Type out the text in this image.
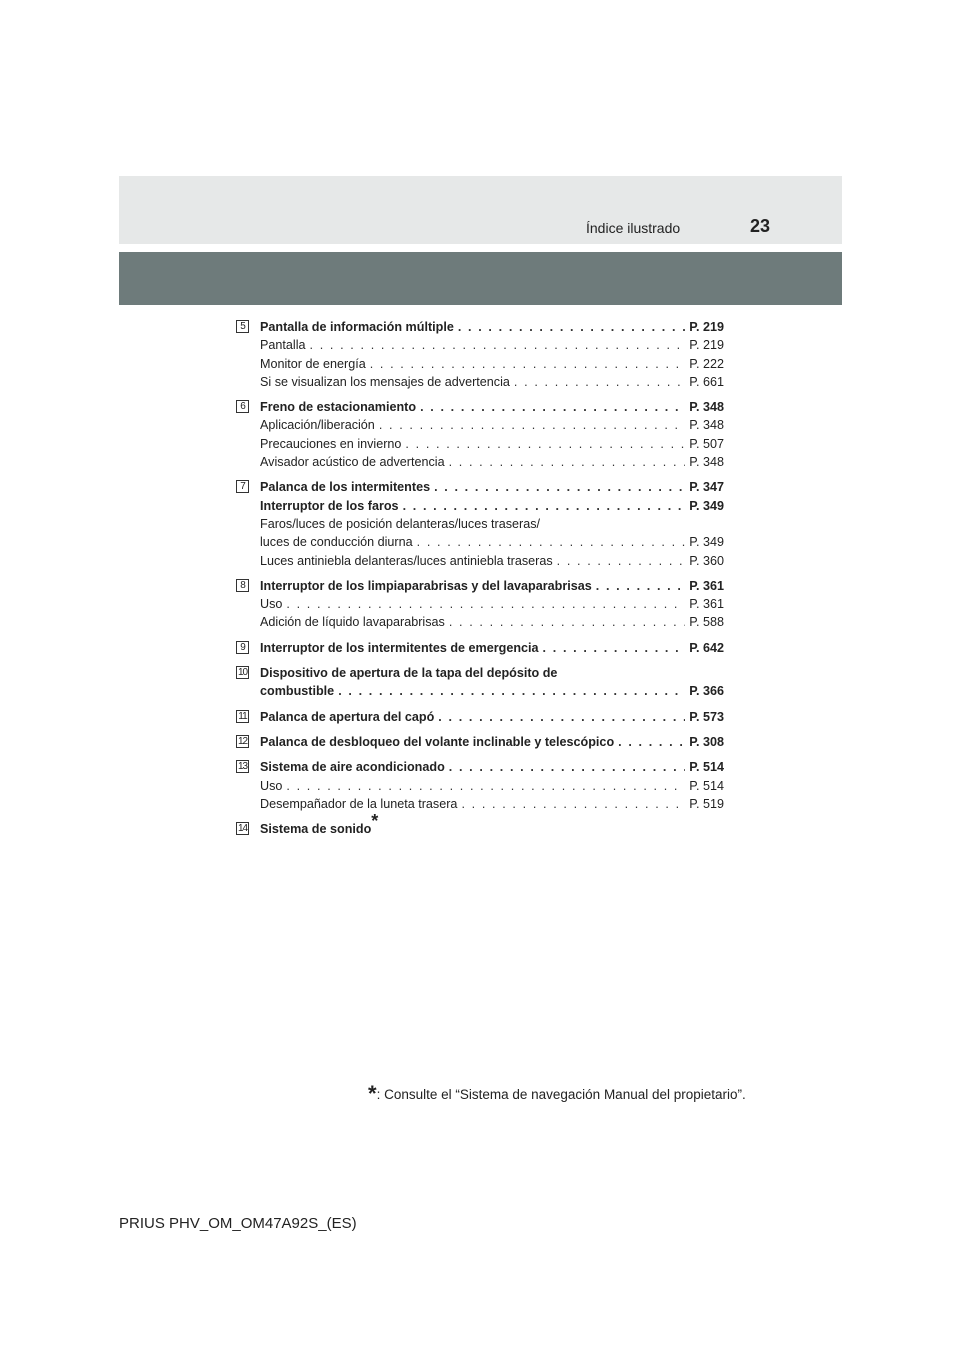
Índice ilustrado	23
5	Pantalla de información múltiple . . .	P. 219
Pantalla . . .	P. 219
Monitor de energía . . .	P. 222
Si se visualizan los mensajes de advertencia . . .	P. 661
6	Freno de estacionamiento . . .	P. 348
Aplicación/liberación . . .	P. 348
Precauciones en invierno . . .	P. 507
Avisador acústico de advertencia . . .	P. 348
7	Palanca de los intermitentes . . .	P. 347
Interruptor de los faros . . .	P. 349
Faros/luces de posición delanteras/luces traseras/
luces de conducción diurna . . .	P. 349
Luces antiniebla delanteras/luces antiniebla traseras . . .	P. 360
8	Interruptor de los limpiaparabrisas y del lavaparabrisas . . .	P. 361
Uso . . .	P. 361
Adición de líquido lavaparabrisas . . .	P. 588
9	Interruptor de los intermitentes de emergencia . . .	P. 642
10 Dispositivo de apertura de la tapa del depósito de
combustible . . .	P. 366
11 Palanca de apertura del capó . . .	P. 573
12 Palanca de desbloqueo del volante inclinable y telescópico . . .	P. 308
13 Sistema de aire acondicionado . . .	P. 514
Uso . . .	P. 514
Desempañador de la luneta trasera . . .	P. 519
14 Sistema de sonido*
*: Consulte el “Sistema de navegación Manual del propietario”.
PRIUS PHV_OM_OM47A92S_(ES)
